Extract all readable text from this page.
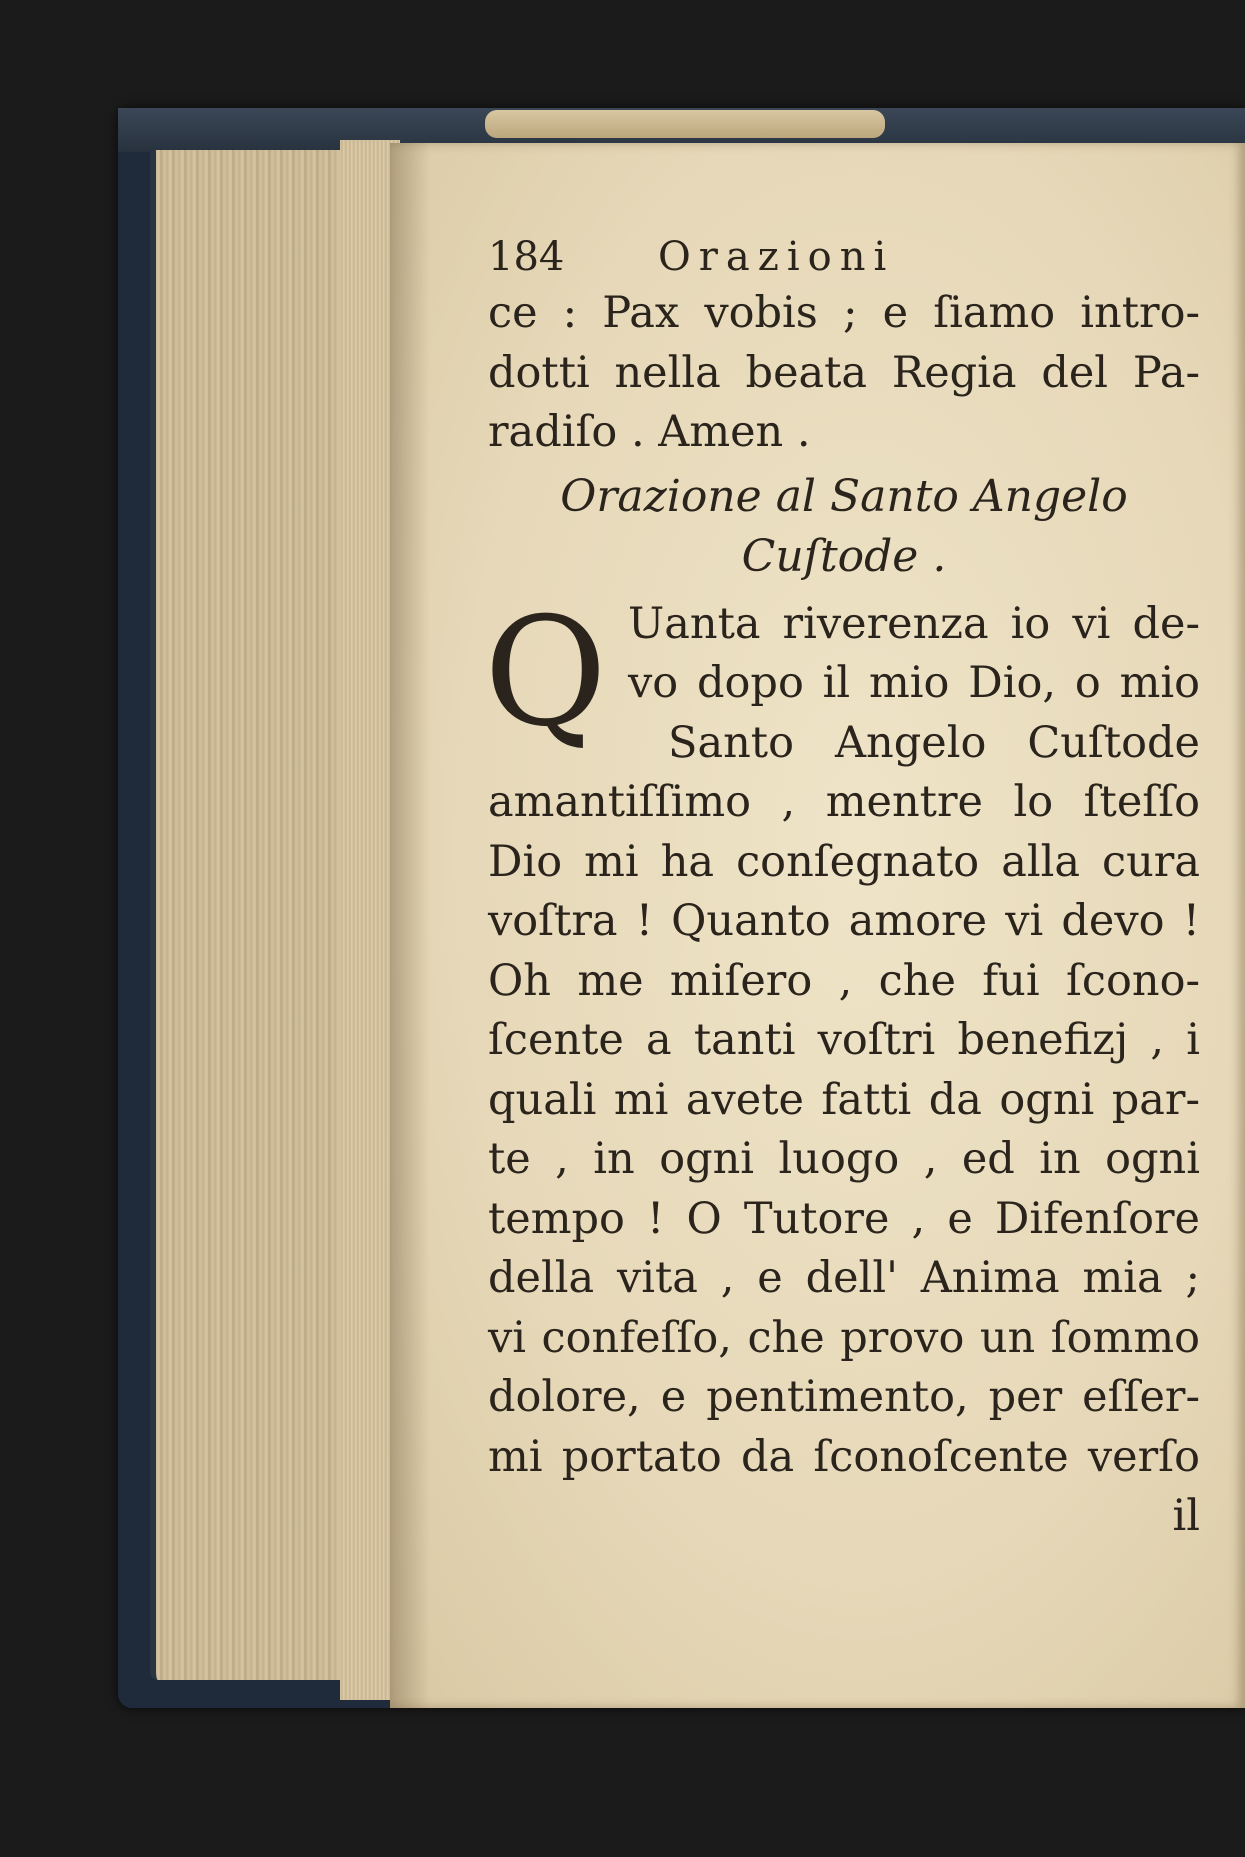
184	Orazioni
ce : Pax vobis ; e ſiamo intro-
dotti nella beata Regia del Pa-
radiſo . Amen .
Orazione al Santo Angelo
Cuſtode .
Q Uanta riverenza io vi de-
vo dopo il mio Dio, o mio
Santo Angelo Cuſtode
amantiſſimo , mentre lo ſteſſo
Dio mi ha conſegnato alla cura
voſtra ! Quanto amore vi devo !
Oh me miſero , che fui ſcono-
ſcente a tanti voſtri benefizj , i
quali mi avete fatti da ogni par-
te , in ogni luogo , ed in ogni
tempo ! O Tutore , e Difenſore
della vita , e dell' Anima mia ;
vi confeſſo, che provo un ſommo
dolore, e pentimento, per eſſer-
mi portato da ſconoſcente verſo
il
